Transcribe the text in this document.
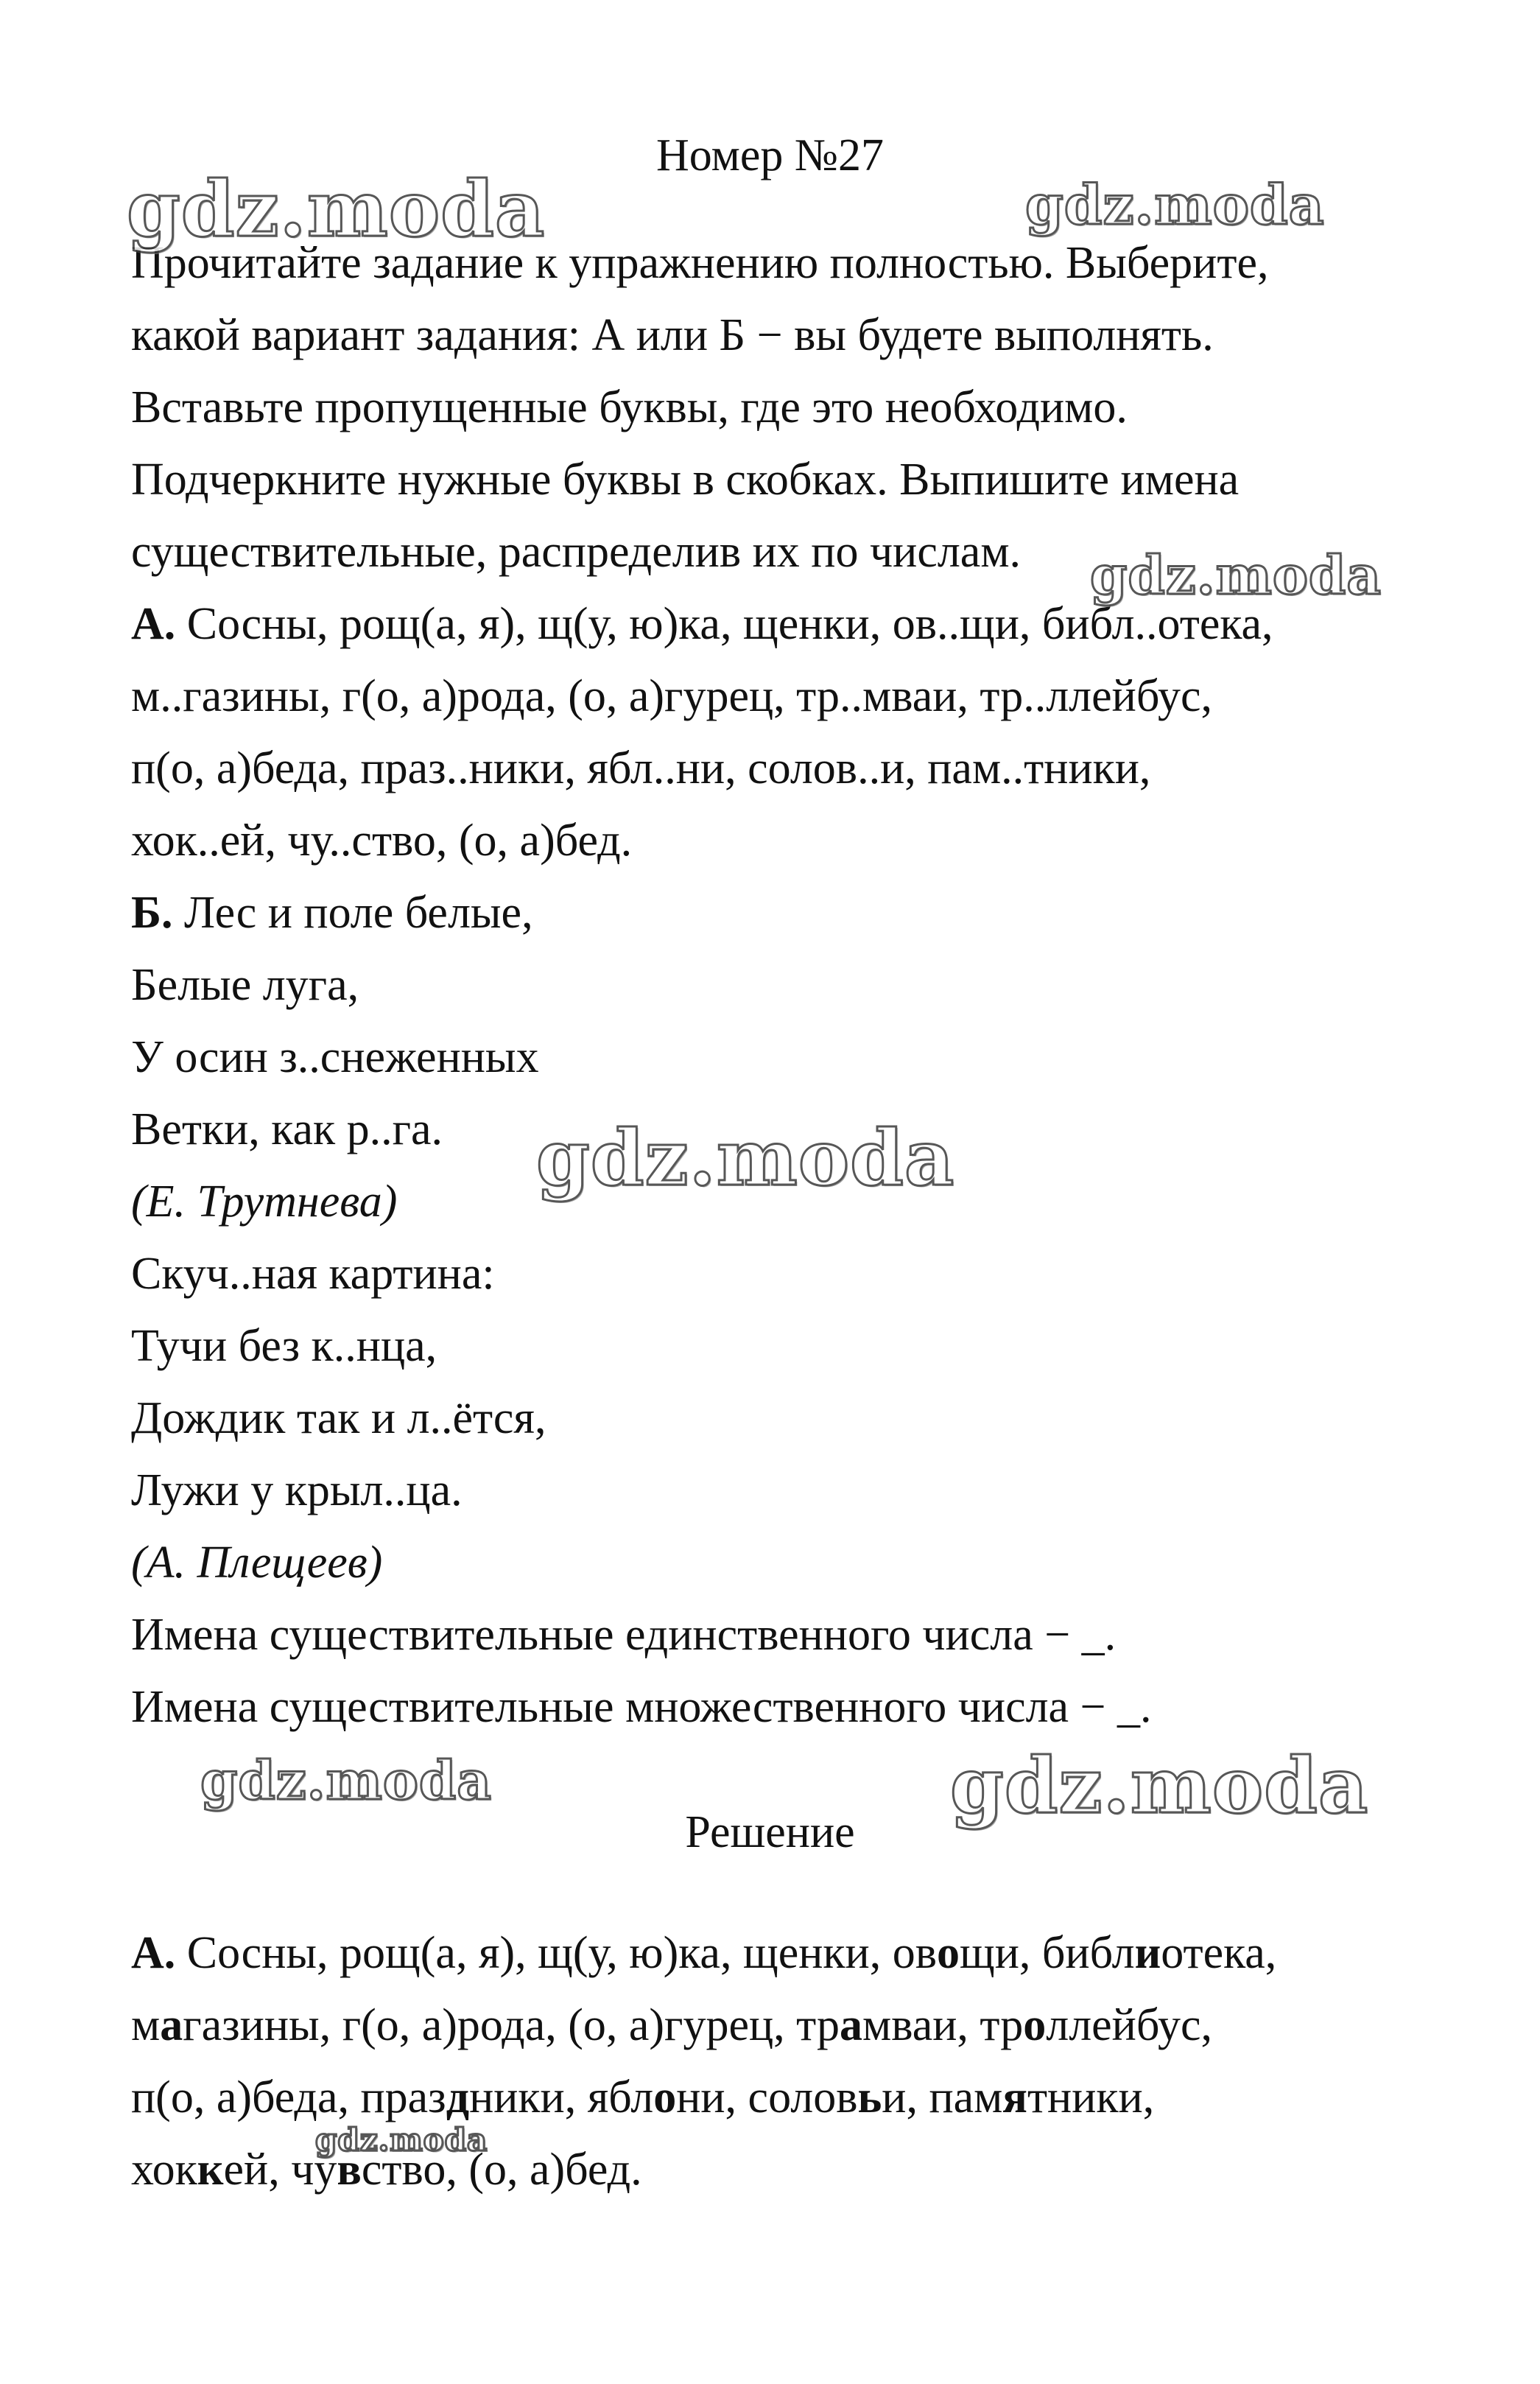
Номер №27
Прочитайте задание к упражнению полностью. Выберите,
какой вариант задания: А или Б − вы будете выполнять.
Вставьте пропущенные буквы, где это необходимо.
Подчеркните нужные буквы в скобках. Выпишите имена
существительные, распределив их по числам.
А. Сосны, рощ(а, я), щ(у, ю)ка, щенки, ов..щи, библ..отека,
м..газины, г(о, а)рода, (о, а)гурец, тр..мваи, тр..ллейбус,
п(о, а)беда, праз..ники, ябл..ни, солов..и, пам..тники,
хок..ей, чу..ство, (о, а)бед.
Б. Лес и поле белые,
Белые луга,
У осин з..снеженных
Ветки, как р..га.
(Е. Трутнева)
Скуч..ная картина:
Тучи без к..нца,
Дождик так и л..ётся,
Лужи у крыл..ца.
(А. Плещеев)
Имена существительные единственного числа − _.
Имена существительные множественного числа − _.
Решение
А. Сосны, рощ(а, я), щ(у, ю)ка, щенки, овощи, библиотека,
магазины, г(о, а)рода, (о, а)гурец, трамваи, троллейбус,
п(о, а)беда, праздники, яблони, соловьи, памятники,
хоккей, чувство, (о, а)бед.
gdz.moda	gdz.moda
gdz.moda
gdz.moda
gdz.moda	gdz.moda
gdz.moda
